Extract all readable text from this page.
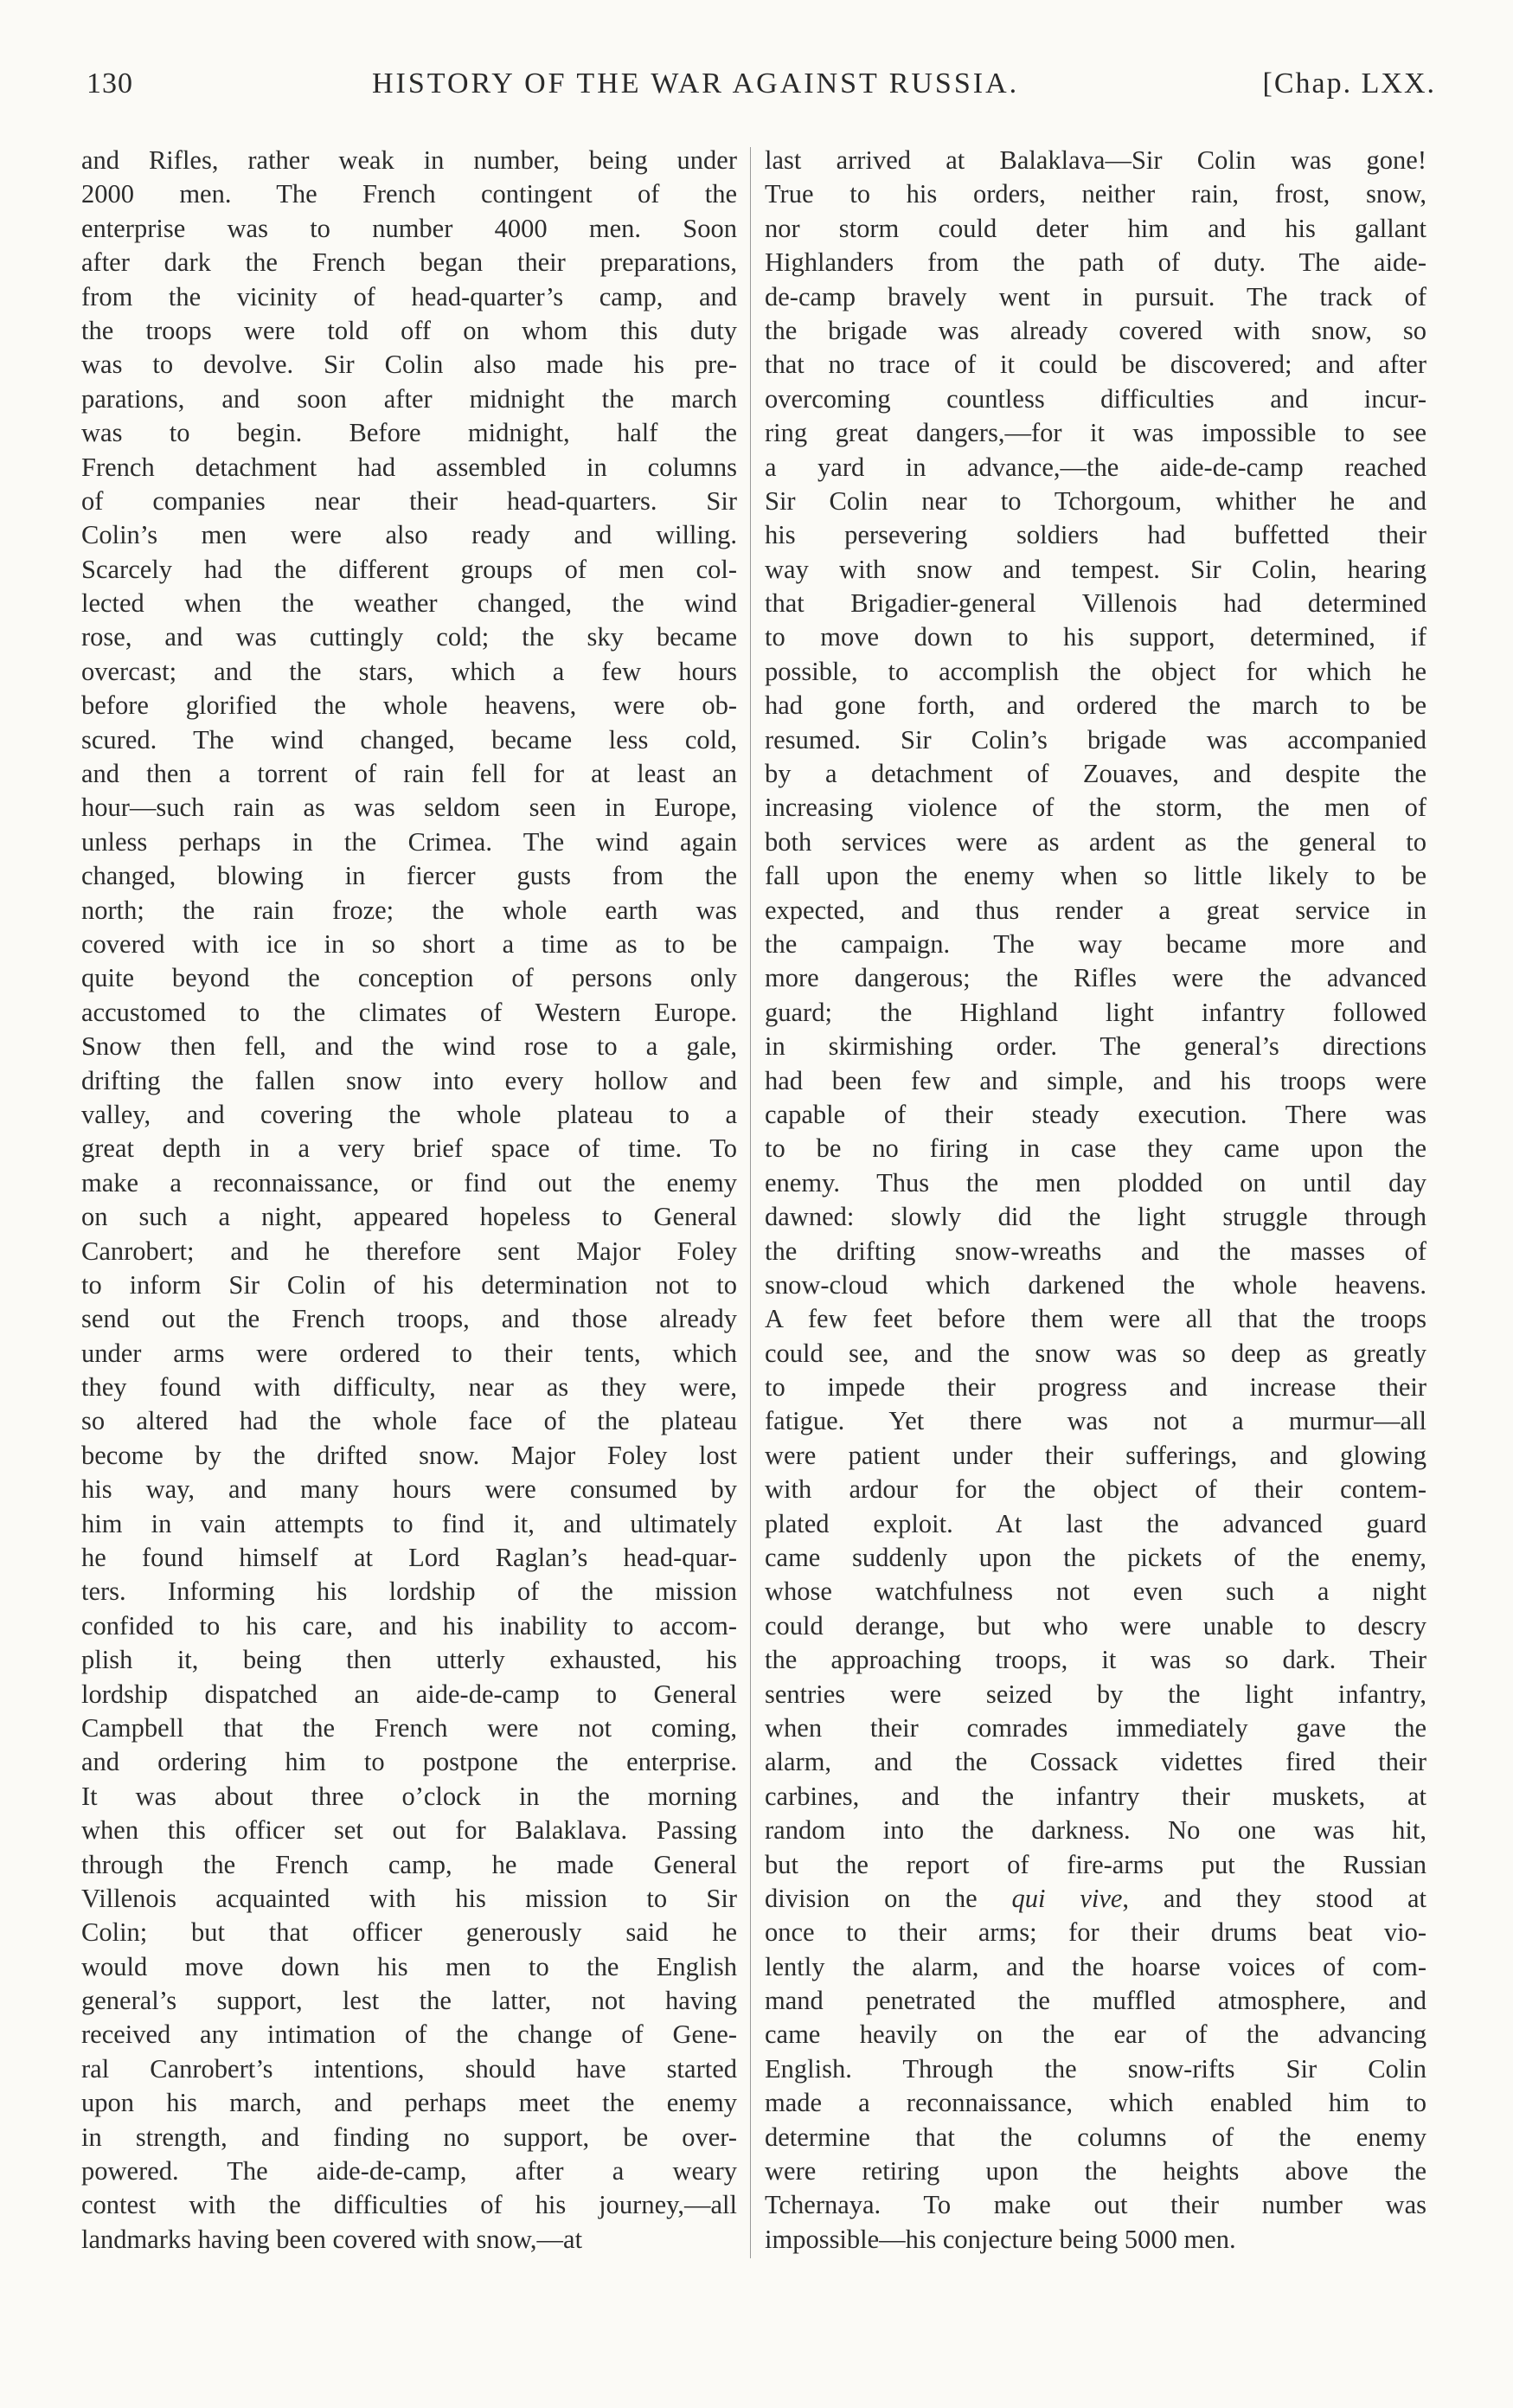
130	HISTORY OF THE WAR AGAINST RUSSIA.	[Chap. LXX.
and Rifles, rather weak in number, being under
2000 men. The French contingent of the
enterprise was to number 4000 men. Soon
after dark the French began their preparations,
from the vicinity of head-quarter’s camp, and
the troops were told off on whom this duty
was to devolve. Sir Colin also made his pre-
parations, and soon after midnight the march
was to begin. Before midnight, half the
French detachment had assembled in columns
of companies near their head-quarters. Sir
Colin’s men were also ready and willing.
Scarcely had the different groups of men col-
lected when the weather changed, the wind
rose, and was cuttingly cold; the sky became
overcast; and the stars, which a few hours
before glorified the whole heavens, were ob-
scured. The wind changed, became less cold,
and then a torrent of rain fell for at least an
hour—such rain as was seldom seen in Europe,
unless perhaps in the Crimea. The wind again
changed, blowing in fiercer gusts from the
north; the rain froze; the whole earth was
covered with ice in so short a time as to be
quite beyond the conception of persons only
accustomed to the climates of Western Europe.
Snow then fell, and the wind rose to a gale,
drifting the fallen snow into every hollow and
valley, and covering the whole plateau to a
great depth in a very brief space of time. To
make a reconnaissance, or find out the enemy
on such a night, appeared hopeless to General
Canrobert; and he therefore sent Major Foley
to inform Sir Colin of his determination not to
send out the French troops, and those already
under arms were ordered to their tents, which
they found with difficulty, near as they were,
so altered had the whole face of the plateau
become by the drifted snow. Major Foley lost
his way, and many hours were consumed by
him in vain attempts to find it, and ultimately
he found himself at Lord Raglan’s head-quar-
ters. Informing his lordship of the mission
confided to his care, and his inability to accom-
plish it, being then utterly exhausted, his
lordship dispatched an aide-de-camp to General
Campbell that the French were not coming,
and ordering him to postpone the enterprise.
It was about three o’clock in the morning
when this officer set out for Balaklava. Passing
through the French camp, he made General
Villenois acquainted with his mission to Sir
Colin; but that officer generously said he
would move down his men to the English
general’s support, lest the latter, not having
received any intimation of the change of Gene-
ral Canrobert’s intentions, should have started
upon his march, and perhaps meet the enemy
in strength, and finding no support, be over-
powered. The aide-de-camp, after a weary
contest with the difficulties of his journey,—all
landmarks having been covered with snow,—at
last arrived at Balaklava—Sir Colin was gone!
True to his orders, neither rain, frost, snow,
nor storm could deter him and his gallant
Highlanders from the path of duty. The aide-
de-camp bravely went in pursuit. The track of
the brigade was already covered with snow, so
that no trace of it could be discovered; and after
overcoming countless difficulties and incur-
ring great dangers,—for it was impossible to see
a yard in advance,—the aide-de-camp reached
Sir Colin near to Tchorgoum, whither he and
his persevering soldiers had buffetted their
way with snow and tempest. Sir Colin, hearing
that Brigadier-general Villenois had determined
to move down to his support, determined, if
possible, to accomplish the object for which he
had gone forth, and ordered the march to be
resumed. Sir Colin’s brigade was accompanied
by a detachment of Zouaves, and despite the
increasing violence of the storm, the men of
both services were as ardent as the general to
fall upon the enemy when so little likely to be
expected, and thus render a great service in
the campaign. The way became more and
more dangerous; the Rifles were the advanced
guard; the Highland light infantry followed
in skirmishing order. The general’s directions
had been few and simple, and his troops were
capable of their steady execution. There was
to be no firing in case they came upon the
enemy. Thus the men plodded on until day
dawned: slowly did the light struggle through
the drifting snow-wreaths and the masses of
snow-cloud which darkened the whole heavens.
A few feet before them were all that the troops
could see, and the snow was so deep as greatly
to impede their progress and increase their
fatigue. Yet there was not a murmur—all
were patient under their sufferings, and glowing
with ardour for the object of their contem-
plated exploit. At last the advanced guard
came suddenly upon the pickets of the enemy,
whose watchfulness not even such a night
could derange, but who were unable to descry
the approaching troops, it was so dark. Their
sentries were seized by the light infantry,
when their comrades immediately gave the
alarm, and the Cossack videttes fired their
carbines, and the infantry their muskets, at
random into the darkness. No one was hit,
but the report of fire-arms put the Russian
division on the qui vive, and they stood at
once to their arms; for their drums beat vio-
lently the alarm, and the hoarse voices of com-
mand penetrated the muffled atmosphere, and
came heavily on the ear of the advancing
English. Through the snow-rifts Sir Colin
made a reconnaissance, which enabled him to
determine that the columns of the enemy
were retiring upon the heights above the
Tchernaya. To make out their number was
impossible—his conjecture being 5000 men.
